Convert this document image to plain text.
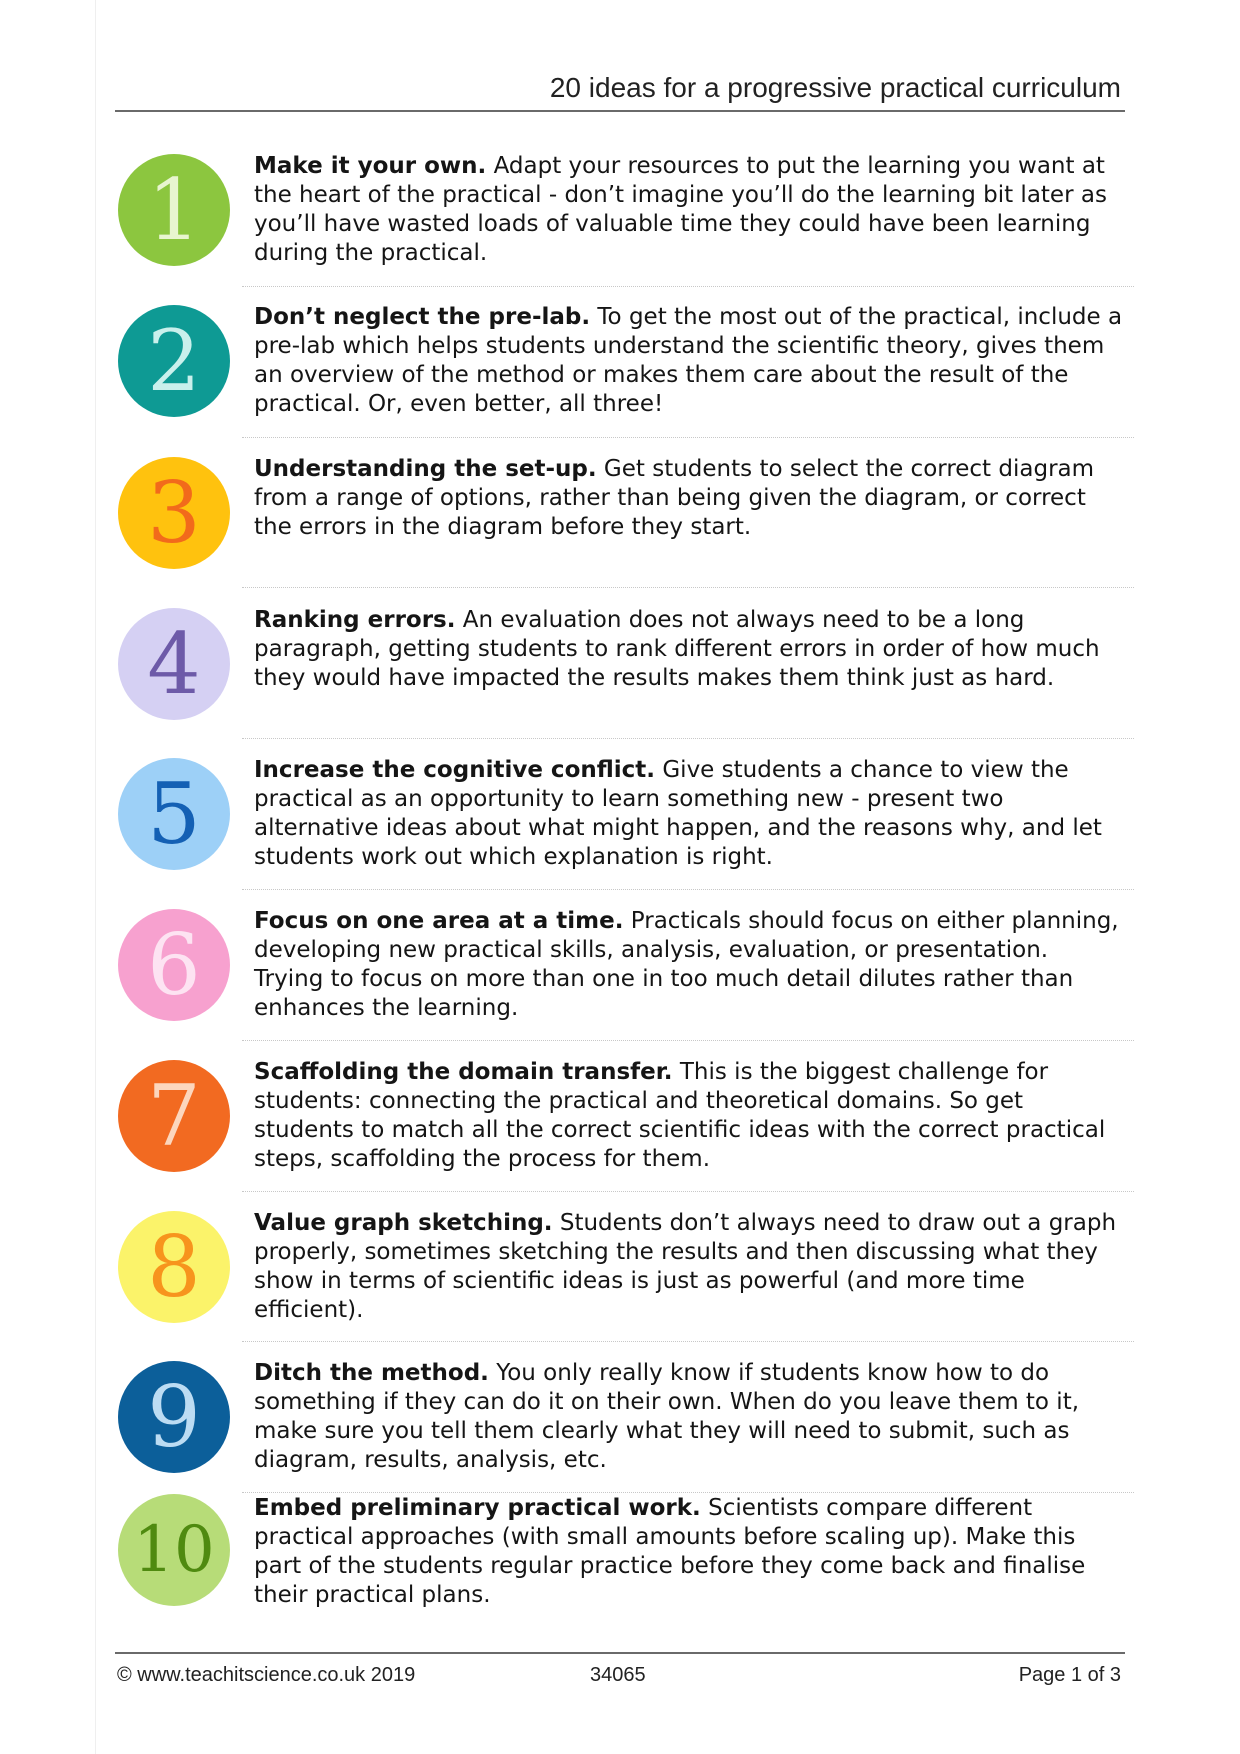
20 ideas for a progressive practical curriculum
1 Make it your own. Adapt your resources to put the learning you want at the heart of the practical - don’t imagine you’ll do the learning bit later as you’ll have wasted loads of valuable time they could have been learning during the practical.
2 Don’t neglect the pre-lab. To get the most out of the practical, include a pre-lab which helps students understand the scientific theory, gives them an overview of the method or makes them care about the result of the practical. Or, even better, all three!
3 Understanding the set-up. Get students to select the correct diagram from a range of options, rather than being given the diagram, or correct the errors in the diagram before they start.
4 Ranking errors. An evaluation does not always need to be a long paragraph, getting students to rank different errors in order of how much they would have impacted the results makes them think just as hard.
5 Increase the cognitive conflict. Give students a chance to view the practical as an opportunity to learn something new - present two alternative ideas about what might happen, and the reasons why, and let students work out which explanation is right.
6 Focus on one area at a time. Practicals should focus on either planning, developing new practical skills, analysis, evaluation, or presentation. Trying to focus on more than one in too much detail dilutes rather than enhances the learning.
7 Scaffolding the domain transfer. This is the biggest challenge for students: connecting the practical and theoretical domains. So get students to match all the correct scientific ideas with the correct practical steps, scaffolding the process for them.
8 Value graph sketching. Students don’t always need to draw out a graph properly, sometimes sketching the results and then discussing what they show in terms of scientific ideas is just as powerful (and more time efficient).
9 Ditch the method. You only really know if students know how to do something if they can do it on their own. When do you leave them to it, make sure you tell them clearly what they will need to submit, such as diagram, results, analysis, etc.
10
Embed preliminary practical work. Scientists compare different practical approaches (with small amounts before scaling up). Make this part of the students regular practice before they come back and finalise their practical plans.
© www.teachitscience.co.uk 2019	34065	Page 1 of 3
